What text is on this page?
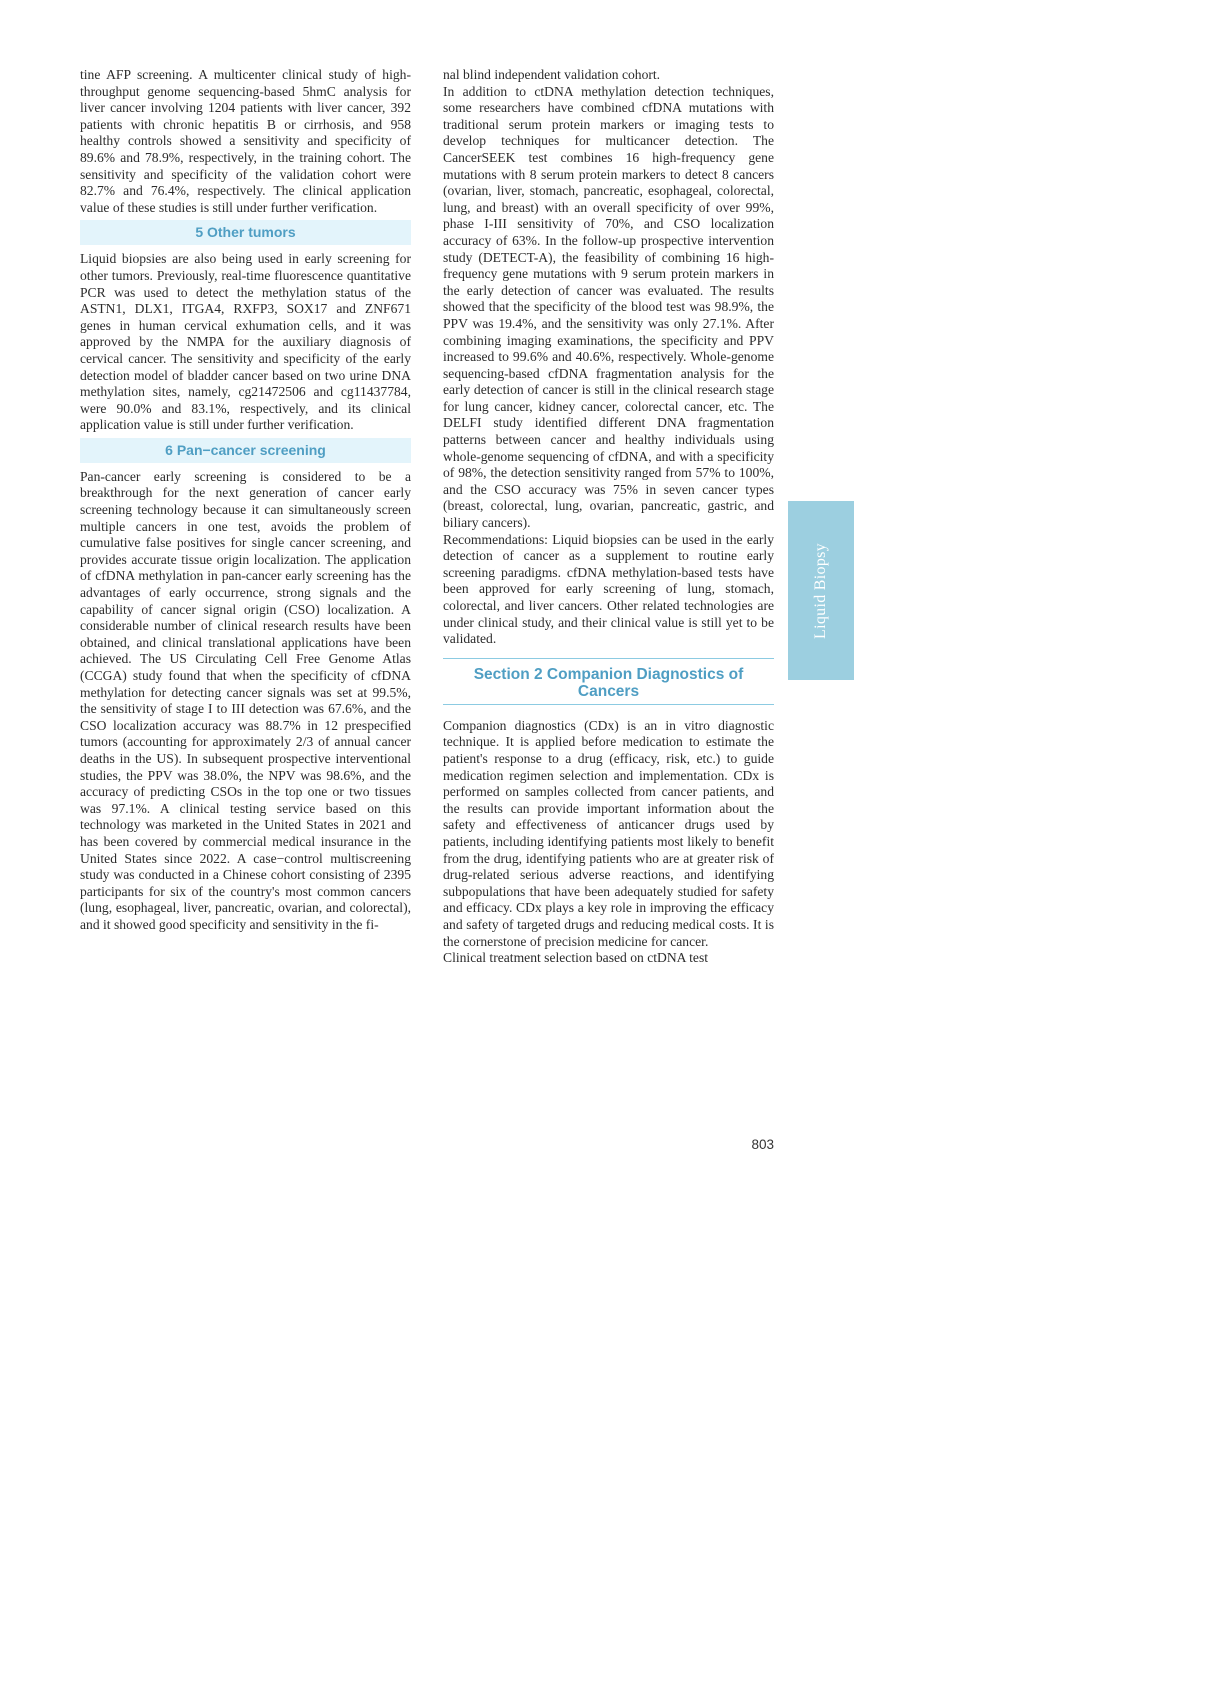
tine AFP screening. A multicenter clinical study of high-throughput genome sequencing-based 5hmC analysis for liver cancer involving 1204 patients with liver cancer, 392 patients with chronic hepatitis B or cirrhosis, and 958 healthy controls showed a sensitivity and specificity of 89.6% and 78.9%, respectively, in the training cohort. The sensitivity and specificity of the validation cohort were 82.7% and 76.4%, respectively. The clinical application value of these studies is still under further verification.

5 Other tumors

Liquid biopsies are also being used in early screening for other tumors. Previously, real-time fluorescence quantitative PCR was used to detect the methylation status of the ASTN1, DLX1, ITGA4, RXFP3, SOX17 and ZNF671 genes in human cervical exhumation cells, and it was approved by the NMPA for the auxiliary diagnosis of cervical cancer. The sensitivity and specificity of the early detection model of bladder cancer based on two urine DNA methylation sites, namely, cg21472506 and cg11437784, were 90.0% and 83.1%, respectively, and its clinical application value is still under further verification.

6 Pan−cancer screening

Pan-cancer early screening is considered to be a breakthrough for the next generation of cancer early screening technology because it can simultaneously screen multiple cancers in one test, avoids the problem of cumulative false positives for single cancer screening, and provides accurate tissue origin localization. The application of cfDNA methylation in pan-cancer early screening has the advantages of early occurrence, strong signals and the capability of cancer signal origin (CSO) localization. A considerable number of clinical research results have been obtained, and clinical translational applications have been achieved. The US Circulating Cell Free Genome Atlas (CCGA) study found that when the specificity of cfDNA methylation for detecting cancer signals was set at 99.5%, the sensitivity of stage I to III detection was 67.6%, and the CSO localization accuracy was 88.7% in 12 prespecified tumors (accounting for approximately 2/3 of annual cancer deaths in the US). In subsequent prospective interventional studies, the PPV was 38.0%, the NPV was 98.6%, and the accuracy of predicting CSOs in the top one or two tissues was 97.1%. A clinical testing service based on this technology was marketed in the United States in 2021 and has been covered by commercial medical insurance in the United States since 2022. A case−control multiscreening study was conducted in a Chinese cohort consisting of 2395 participants for six of the country's most common cancers (lung, esophageal, liver, pancreatic, ovarian, and colorectal), and it showed good specificity and sensitivity in the fi-

nal blind independent validation cohort.

In addition to ctDNA methylation detection techniques, some researchers have combined cfDNA mutations with traditional serum protein markers or imaging tests to develop techniques for multicancer detection. The CancerSEEK test combines 16 high-frequency gene mutations with 8 serum protein markers to detect 8 cancers (ovarian, liver, stomach, pancreatic, esophageal, colorectal, lung, and breast) with an overall specificity of over 99%, phase I-III sensitivity of 70%, and CSO localization accuracy of 63%. In the follow-up prospective intervention study (DETECT-A), the feasibility of combining 16 high-frequency gene mutations with 9 serum protein markers in the early detection of cancer was evaluated. The results showed that the specificity of the blood test was 98.9%, the PPV was 19.4%, and the sensitivity was only 27.1%. After combining imaging examinations, the specificity and PPV increased to 99.6% and 40.6%, respectively. Whole-genome sequencing-based cfDNA fragmentation analysis for the early detection of cancer is still in the clinical research stage for lung cancer, kidney cancer, colorectal cancer, etc. The DELFI study identified different DNA fragmentation patterns between cancer and healthy individuals using whole-genome sequencing of cfDNA, and with a specificity of 98%, the detection sensitivity ranged from 57% to 100%, and the CSO accuracy was 75% in seven cancer types (breast, colorectal, lung, ovarian, pancreatic, gastric, and biliary cancers).

Recommendations: Liquid biopsies can be used in the early detection of cancer as a supplement to routine early screening paradigms. cfDNA methylation-based tests have been approved for early screening of lung, stomach, colorectal, and liver cancers. Other related technologies are under clinical study, and their clinical value is still yet to be validated.

Section 2 Companion Diagnostics of Cancers

Companion diagnostics (CDx) is an in vitro diagnostic technique. It is applied before medication to estimate the patient's response to a drug (efficacy, risk, etc.) to guide medication regimen selection and implementation. CDx is performed on samples collected from cancer patients, and the results can provide important information about the safety and effectiveness of anticancer drugs used by patients, including identifying patients most likely to benefit from the drug, identifying patients who are at greater risk of drug-related serious adverse reactions, and identifying subpopulations that have been adequately studied for safety and efficacy. CDx plays a key role in improving the efficacy and safety of targeted drugs and reducing medical costs. It is the cornerstone of precision medicine for cancer.

Clinical treatment selection based on ctDNA test

Liquid Biopsy
803
